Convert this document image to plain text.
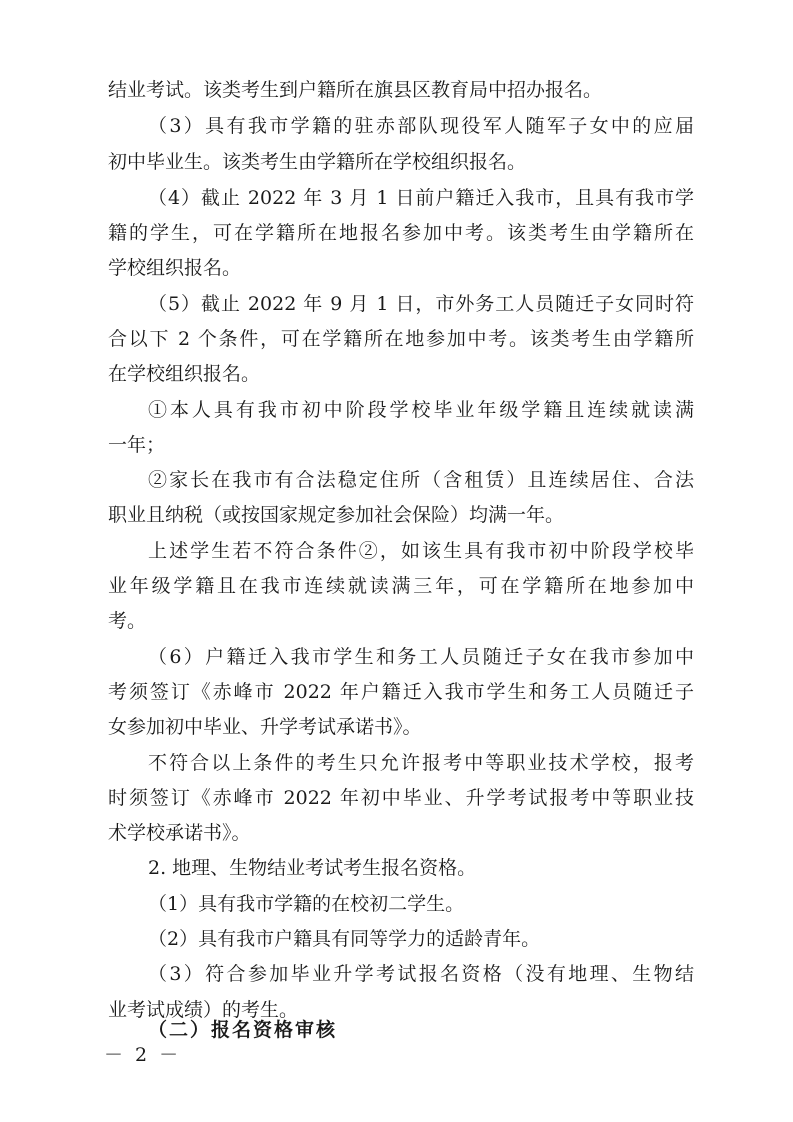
结业考试。该类考生到户籍所在旗县区教育局中招办报名。
（3）具有我市学籍的驻赤部队现役军人随军子女中的应届
初中毕业生。该类考生由学籍所在学校组织报名。
（4）截止 2022 年 3 月 1 日前户籍迁入我市，且具有我市学
籍的学生，可在学籍所在地报名参加中考。该类考生由学籍所在
学校组织报名。
（5）截止 2022 年 9 月 1 日，市外务工人员随迁子女同时符
合以下 2 个条件，可在学籍所在地参加中考。该类考生由学籍所
在学校组织报名。
①本人具有我市初中阶段学校毕业年级学籍且连续就读满
一年；
②家长在我市有合法稳定住所（含租赁）且连续居住、合法
职业且纳税（或按国家规定参加社会保险）均满一年。
上述学生若不符合条件②，如该生具有我市初中阶段学校毕
业年级学籍且在我市连续就读满三年，可在学籍所在地参加中
考。
（6）户籍迁入我市学生和务工人员随迁子女在我市参加中
考须签订《赤峰市 2022 年户籍迁入我市学生和务工人员随迁子
女参加初中毕业、升学考试承诺书》。
不符合以上条件的考生只允许报考中等职业技术学校，报考
时须签订《赤峰市 2022 年初中毕业、升学考试报考中等职业技
术学校承诺书》。
2. 地理、生物结业考试考生报名资格。
（1）具有我市学籍的在校初二学生。
（2）具有我市户籍具有同等学力的适龄青年。
（3）符合参加毕业升学考试报名资格（没有地理、生物结
业考试成绩）的考生。
（二）报名资格审核
－ 2 －
